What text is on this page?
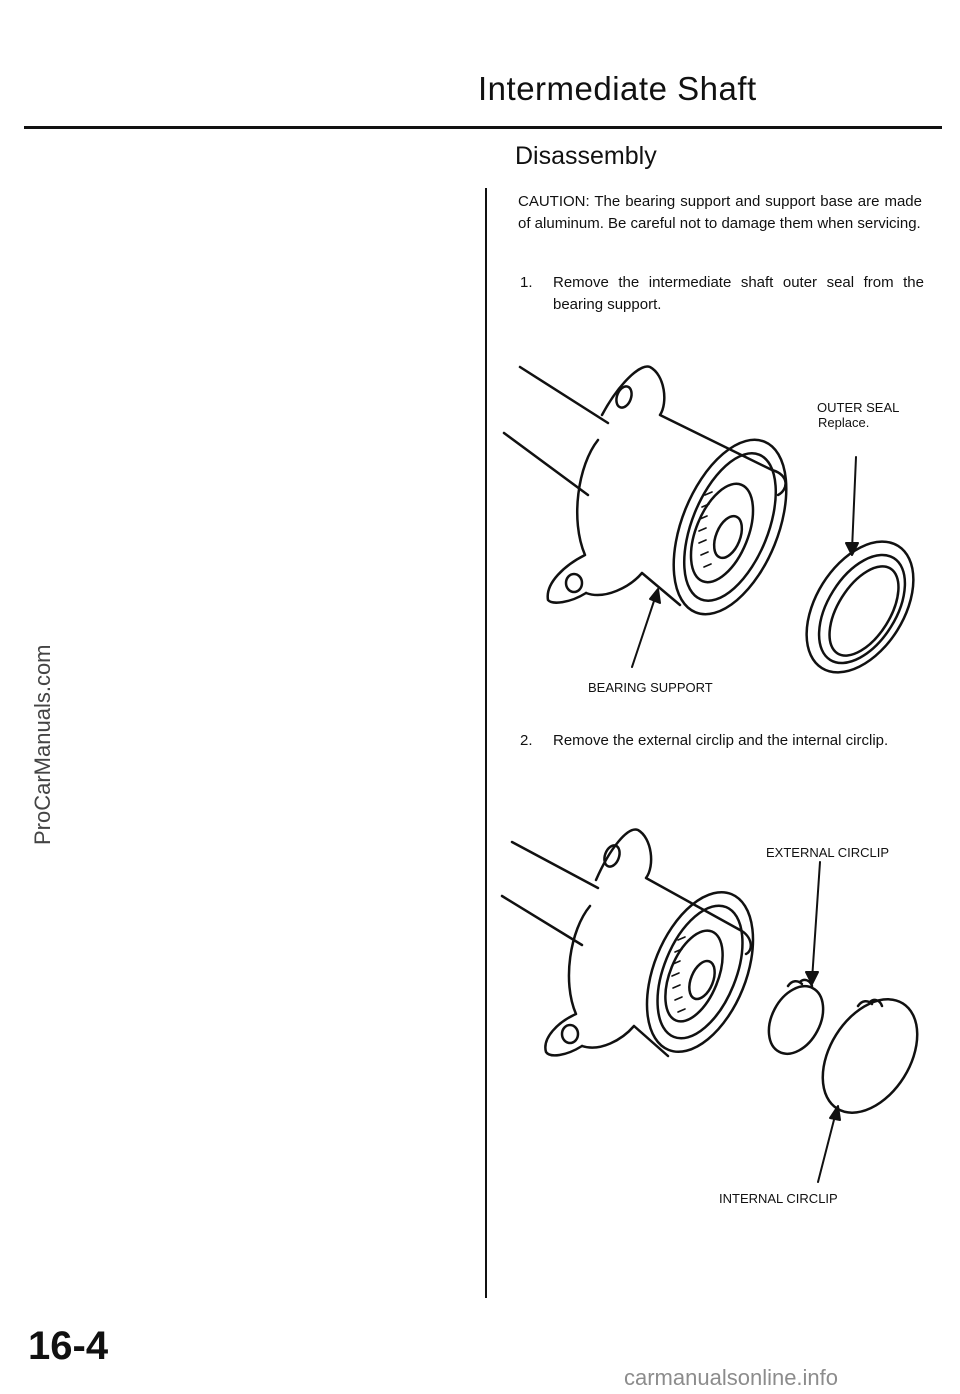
Intermediate Shaft
Disassembly
CAUTION: The bearing support and support base are made of aluminum. Be careful not to damage them when servicing.
1. Remove the intermediate shaft outer seal from the bearing support.
OUTER SEAL
Replace.
BEARING SUPPORT
2. Remove the external circlip and the internal circlip.
EXTERNAL CIRCLIP
INTERNAL CIRCLIP
ProCarManuals.com
16-4
carmanualsonline.info
